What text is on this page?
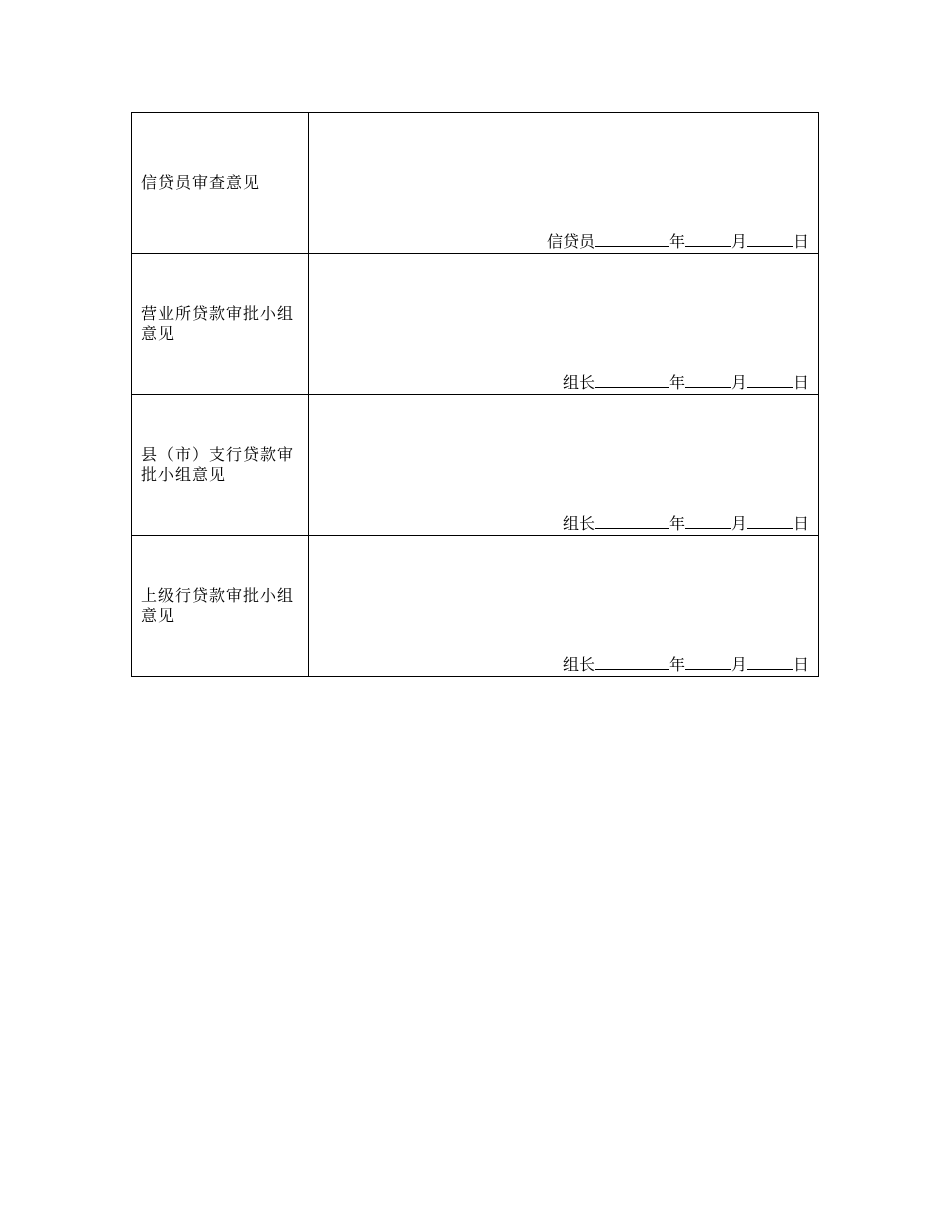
信贷员审查意见	信贷员 年 月 日

营业所贷款审批小组意见	组长 年 月 日

县（市）支行贷款审批小组意见	组长 年 月 日

上级行贷款审批小组意见	组长 年 月 日
